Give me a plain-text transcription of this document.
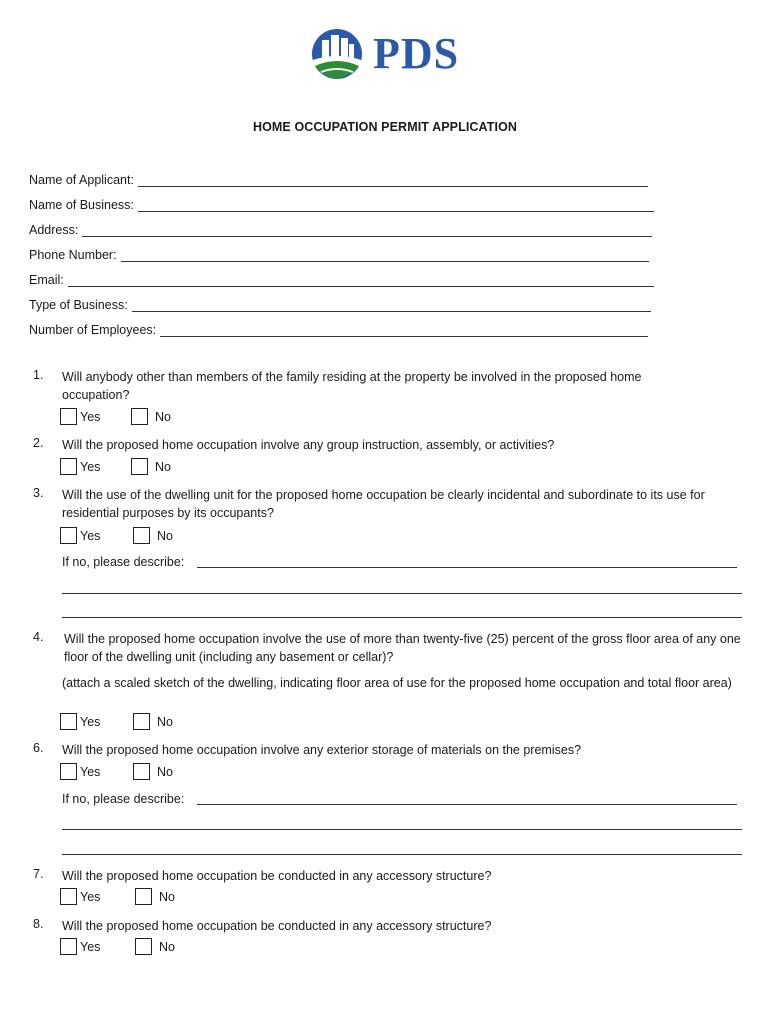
PDS
HOME OCCUPATION PERMIT APPLICATION
Name of Applicant:
Name of Business:
Address:
Phone Number:
Email:
Type of Business:
Number of Employees:
1. Will anybody other than members of the family residing at the property be involved in the proposed home occupation?
Yes	No
2. Will the proposed home occupation involve any group instruction, assembly, or activities?
Yes	No
3. Will the use of the dwelling unit for the proposed home occupation be clearly incidental and subordinate to its use for residential purposes by its occupants?
Yes	No
If no, please describe:
4. Will the proposed home occupation involve the use of more than twenty-five (25) percent of the gross floor area of any one floor of the dwelling unit (including any basement or cellar)?
(attach a scaled sketch of the dwelling, indicating floor area of use for the proposed home occupation and total floor area)
Yes	No
6. Will the proposed home occupation involve any exterior storage of materials on the premises?
Yes	No
If no, please describe:
7. Will the proposed home occupation be conducted in any accessory structure?
Yes	No
8. Will the proposed home occupation be conducted in any accessory structure?
Yes	No
